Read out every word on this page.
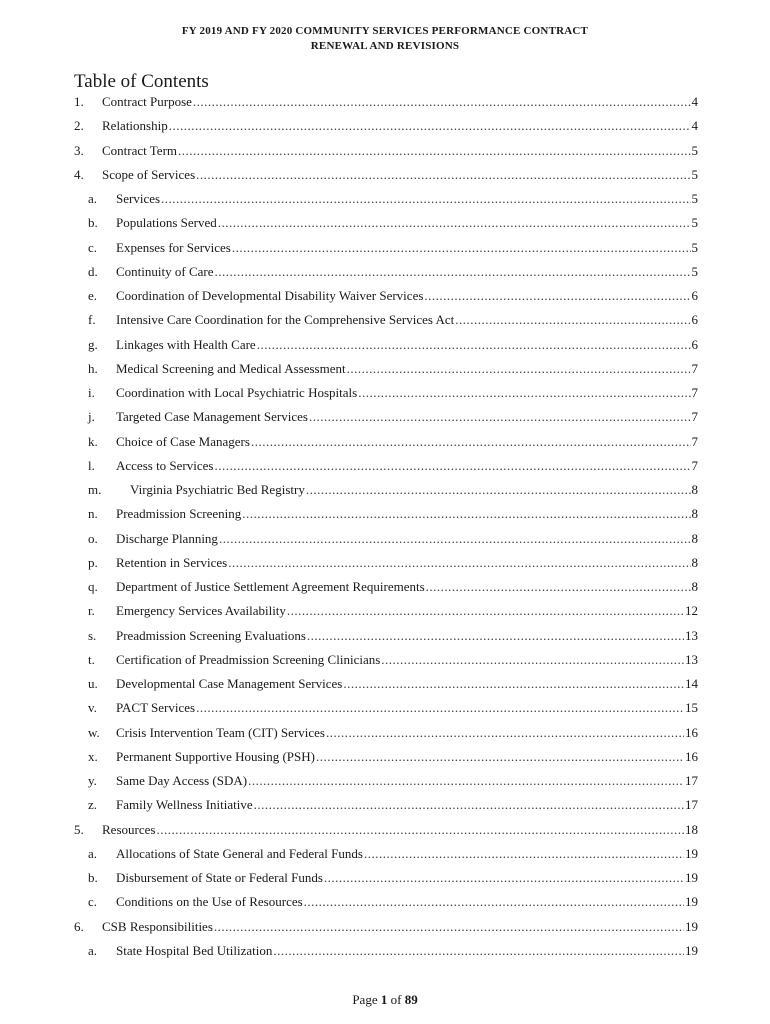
FY 2019 AND FY 2020 COMMUNITY SERVICES PERFORMANCE CONTRACT
RENEWAL AND REVISIONS
Table of Contents
1.	Contract Purpose .....	4
2.	Relationship .....	4
3.	Contract Term .....	5
4.	Scope of Services .....	5
a.	Services .....	5
b.	Populations Served .....	5
c.	Expenses for Services .....	5
d.	Continuity of Care .....	5
e.	Coordination of Developmental Disability Waiver Services .....	6
f.	Intensive Care Coordination for the Comprehensive Services Act .....	6
g.	Linkages with Health Care .....	6
h.	Medical Screening and Medical Assessment .....	7
i.	Coordination with Local Psychiatric Hospitals .....	7
j.	Targeted Case Management Services .....	7
k.	Choice of Case Managers .....	7
l.	Access to Services .....	7
m.	Virginia Psychiatric Bed Registry .....	8
n.	Preadmission Screening .....	8
o.	Discharge Planning .....	8
p.	Retention in Services .....	8
q.	Department of Justice Settlement Agreement Requirements .....	8
r.	Emergency Services Availability .....	12
s.	Preadmission Screening Evaluations .....	13
t.	Certification of Preadmission Screening Clinicians .....	13
u.	Developmental Case Management Services .....	14
v.	PACT Services .....	15
w.	Crisis Intervention Team (CIT) Services .....	16
x.	Permanent Supportive Housing (PSH) .....	16
y.	Same Day Access (SDA) .....	17
z.	Family Wellness Initiative .....	17
5.	Resources .....	18
a.	Allocations of State General and Federal Funds .....	19
b.	Disbursement of State or Federal Funds .....	19
c.	Conditions on the Use of Resources .....	19
6.	CSB Responsibilities .....	19
a.	State Hospital Bed Utilization .....	19
Page 1 of 89
